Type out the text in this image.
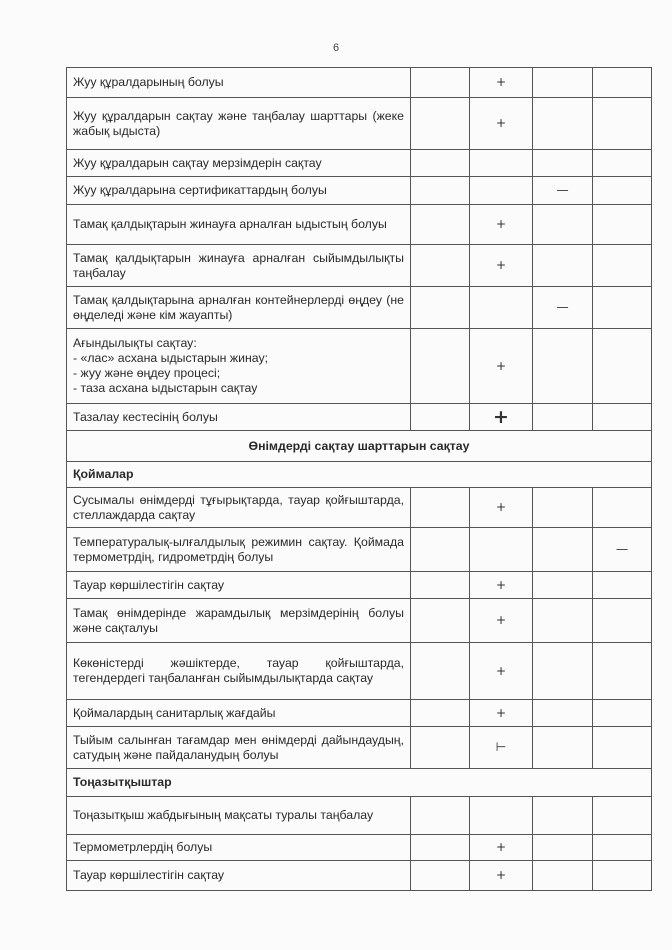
6
Жуу құралдарының болуы		+		
Жуу құралдарын сақтау және таңбалау шарттары (жеке жабық ыдыста)		+		
Жуу құралдарын сақтау мерзімдерін сақтау				
Жуу құралдарына сертификаттардың болуы			—	
Тамақ қалдықтарын жинауға арналған ыдыстың болуы		+		
Тамақ қалдықтарын жинауға арналған сыйымдылықты таңбалау		+		
Тамақ қалдықтарына арналған контейнерлерді өңдеу (не өңделеді және кім жауапты)			—	

Ағындылықты сақтау:
- «лас» асхана ыдыстарын жинау;
- жуу және өңдеу процесі;
- таза асхана ыдыстарын сақтау		+		
Тазалау кестесінің болуы		+		
Өнімдерді сақтау шарттарын сақтау				
Қоймалар				
Сусымалы өнімдерді тұғырықтарда, тауар қойғыштарда, стеллаждарда сақтау		+		
Температуралық-ылғалдылық режимин сақтау. Қоймада термометрдің, гидрометрдің болуы				—
Тауар көршілестігін сақтау		+		
Тамақ өнімдерінде жарамдылық мерзімдерінің болуы және сақталуы		+		
Көкөністерді жәшіктерде, тауар қойғыштарда, тегендердегі таңбаланған сыйымдылықтарда сақтау		+		
Қоймалардың санитарлық жағдайы		+		
Тыйым салынған тағамдар мен өнімдерді дайындаудың, сатудың және пайдаланудың болуы		⊢		
Тоңазытқыштар				
Тоңазытқыш жабдығының мақсаты туралы таңбалау				
Термометрлердің болуы		+		
Тауар көршілестігін сақтау		+		
